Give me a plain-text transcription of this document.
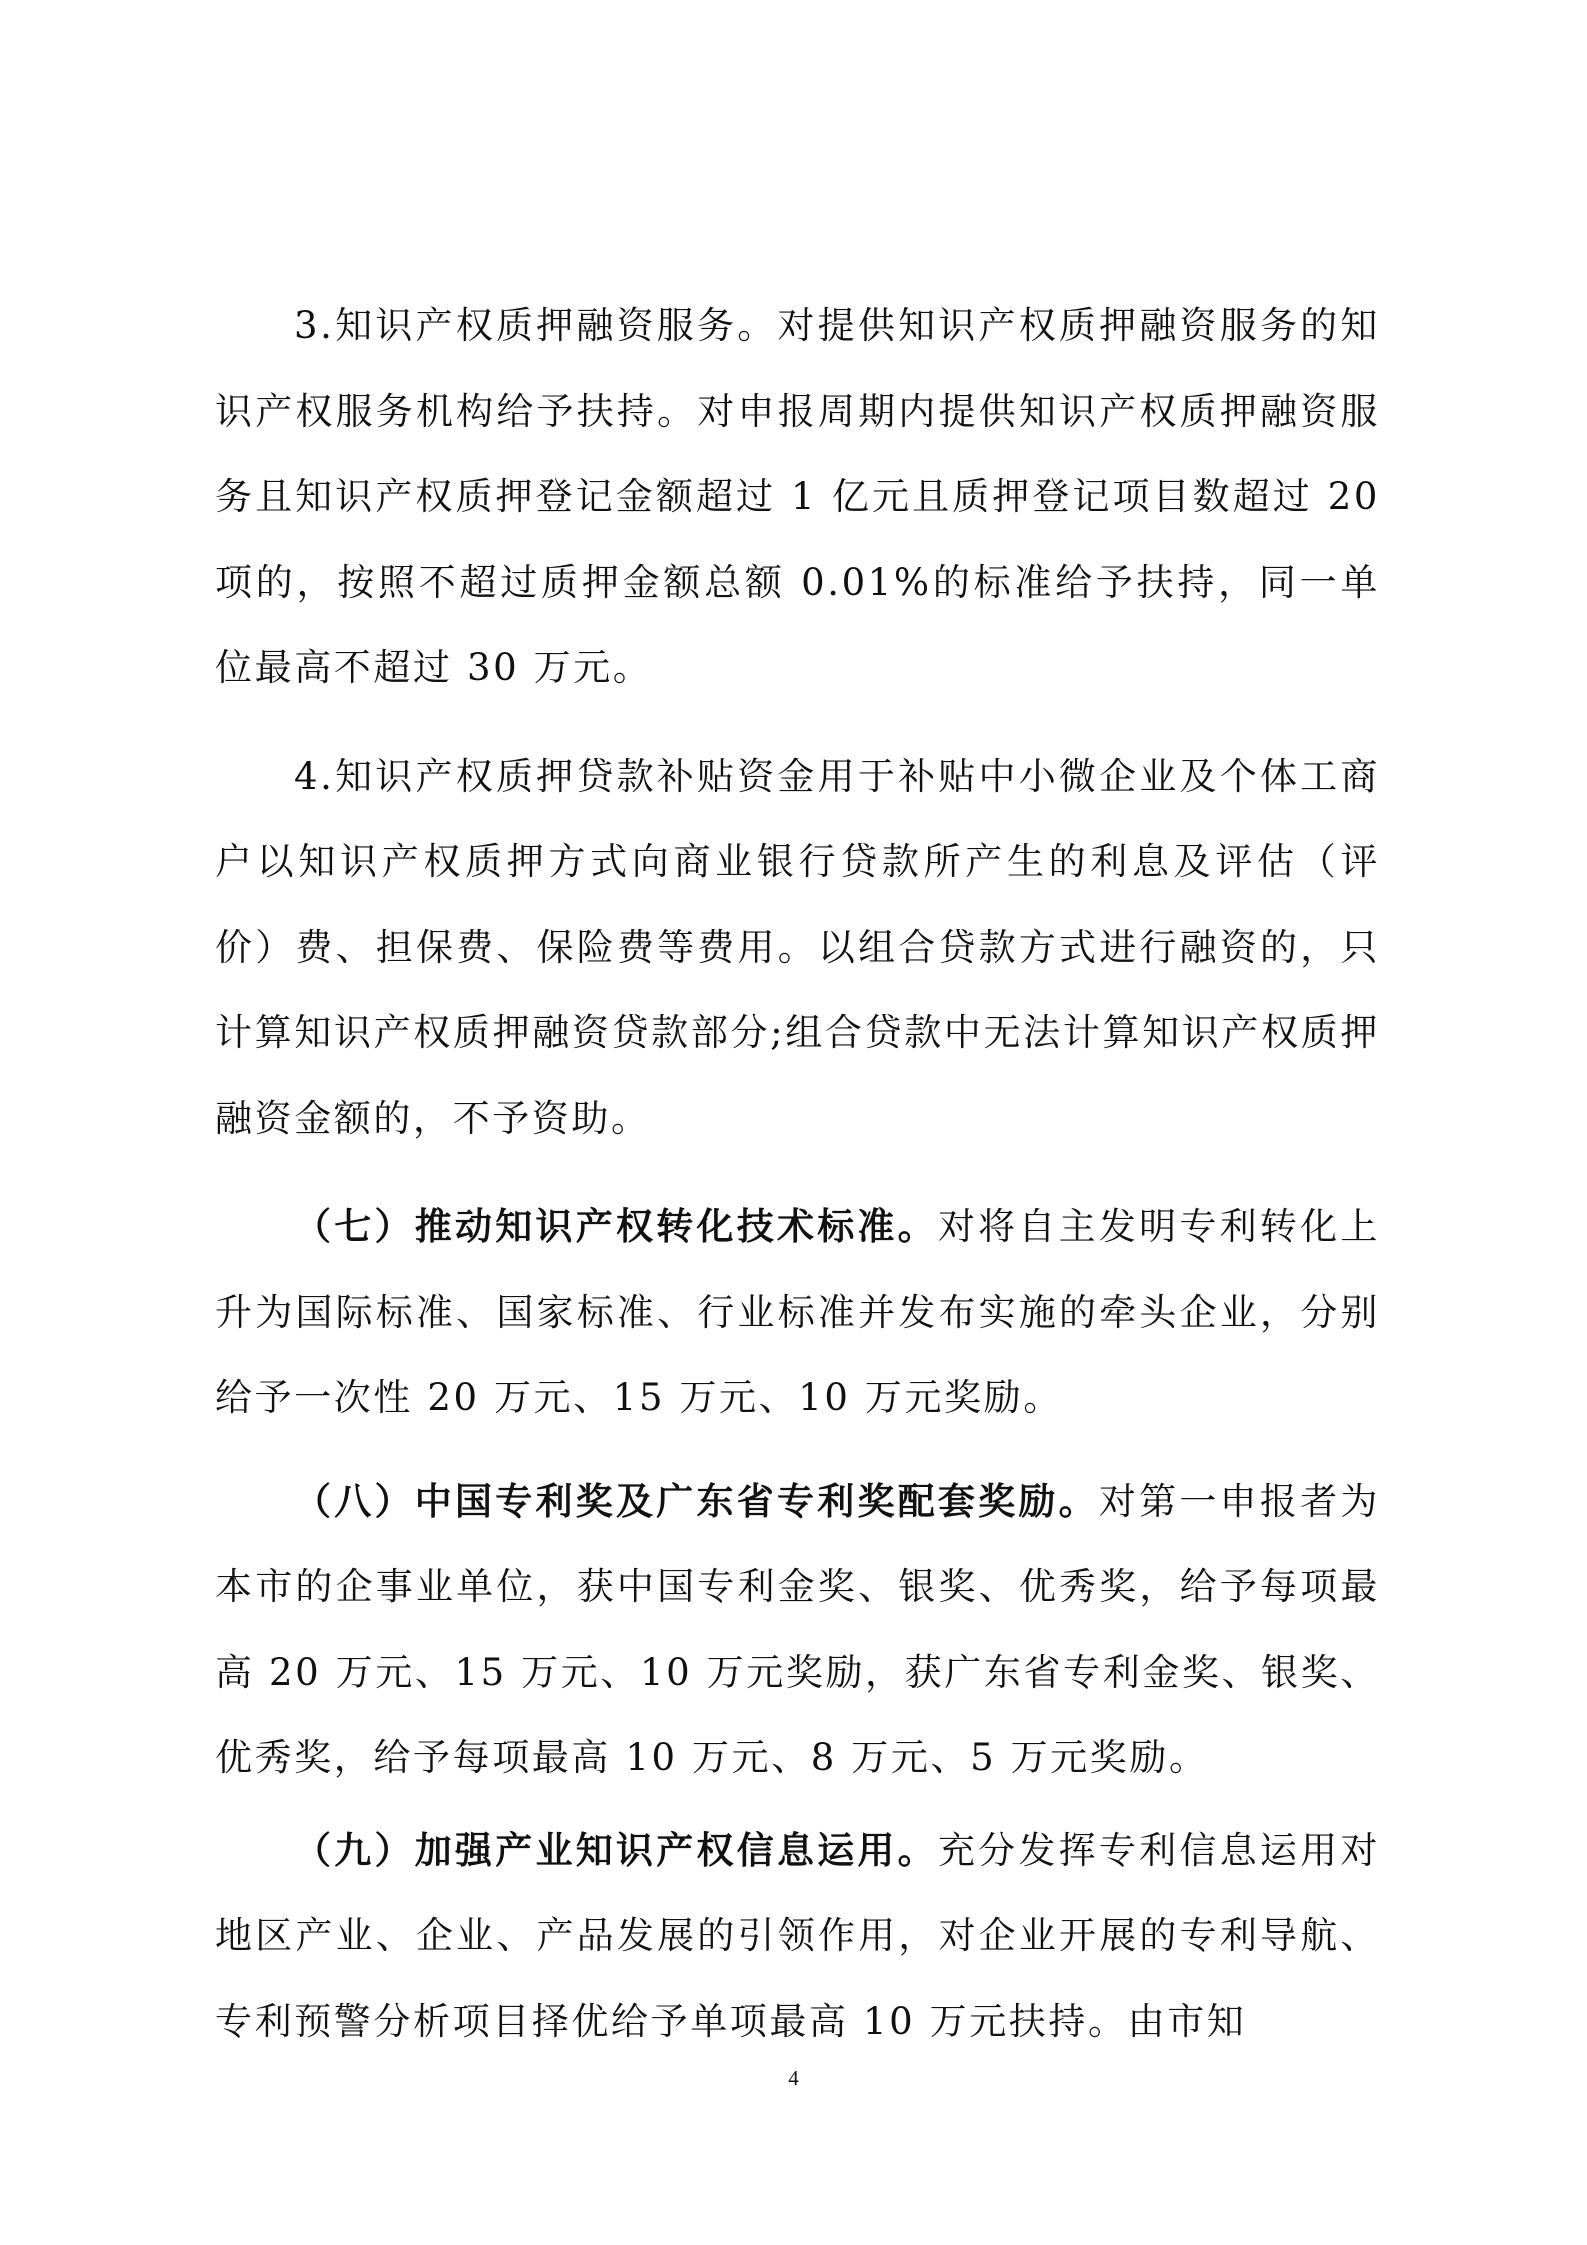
3.知识产权质押融资服务。对提供知识产权质押融资服务的知识产权服务机构给予扶持。对申报周期内提供知识产权质押融资服务且知识产权质押登记金额超过 1 亿元且质押登记项目数超过 20 项的，按照不超过质押金额总额 0.01%的标准给予扶持，同一单位最高不超过 30 万元。

4.知识产权质押贷款补贴资金用于补贴中小微企业及个体工商户以知识产权质押方式向商业银行贷款所产生的利息及评估（评价）费、担保费、保险费等费用。以组合贷款方式进行融资的，只计算知识产权质押融资贷款部分;组合贷款中无法计算知识产权质押融资金额的，不予资助。

（七）推动知识产权转化技术标准。对将自主发明专利转化上升为国际标准、国家标准、行业标准并发布实施的牵头企业，分别给予一次性 20 万元、15 万元、10 万元奖励。

（八）中国专利奖及广东省专利奖配套奖励。对第一申报者为本市的企事业单位，获中国专利金奖、银奖、优秀奖，给予每项最高 20 万元、15 万元、10 万元奖励，获广东省专利金奖、银奖、优秀奖，给予每项最高 10 万元、8 万元、5 万元奖励。

（九）加强产业知识产权信息运用。充分发挥专利信息运用对地区产业、企业、产品发展的引领作用，对企业开展的专利导航、专利预警分析项目择优给予单项最高 10 万元扶持。由市知

4
